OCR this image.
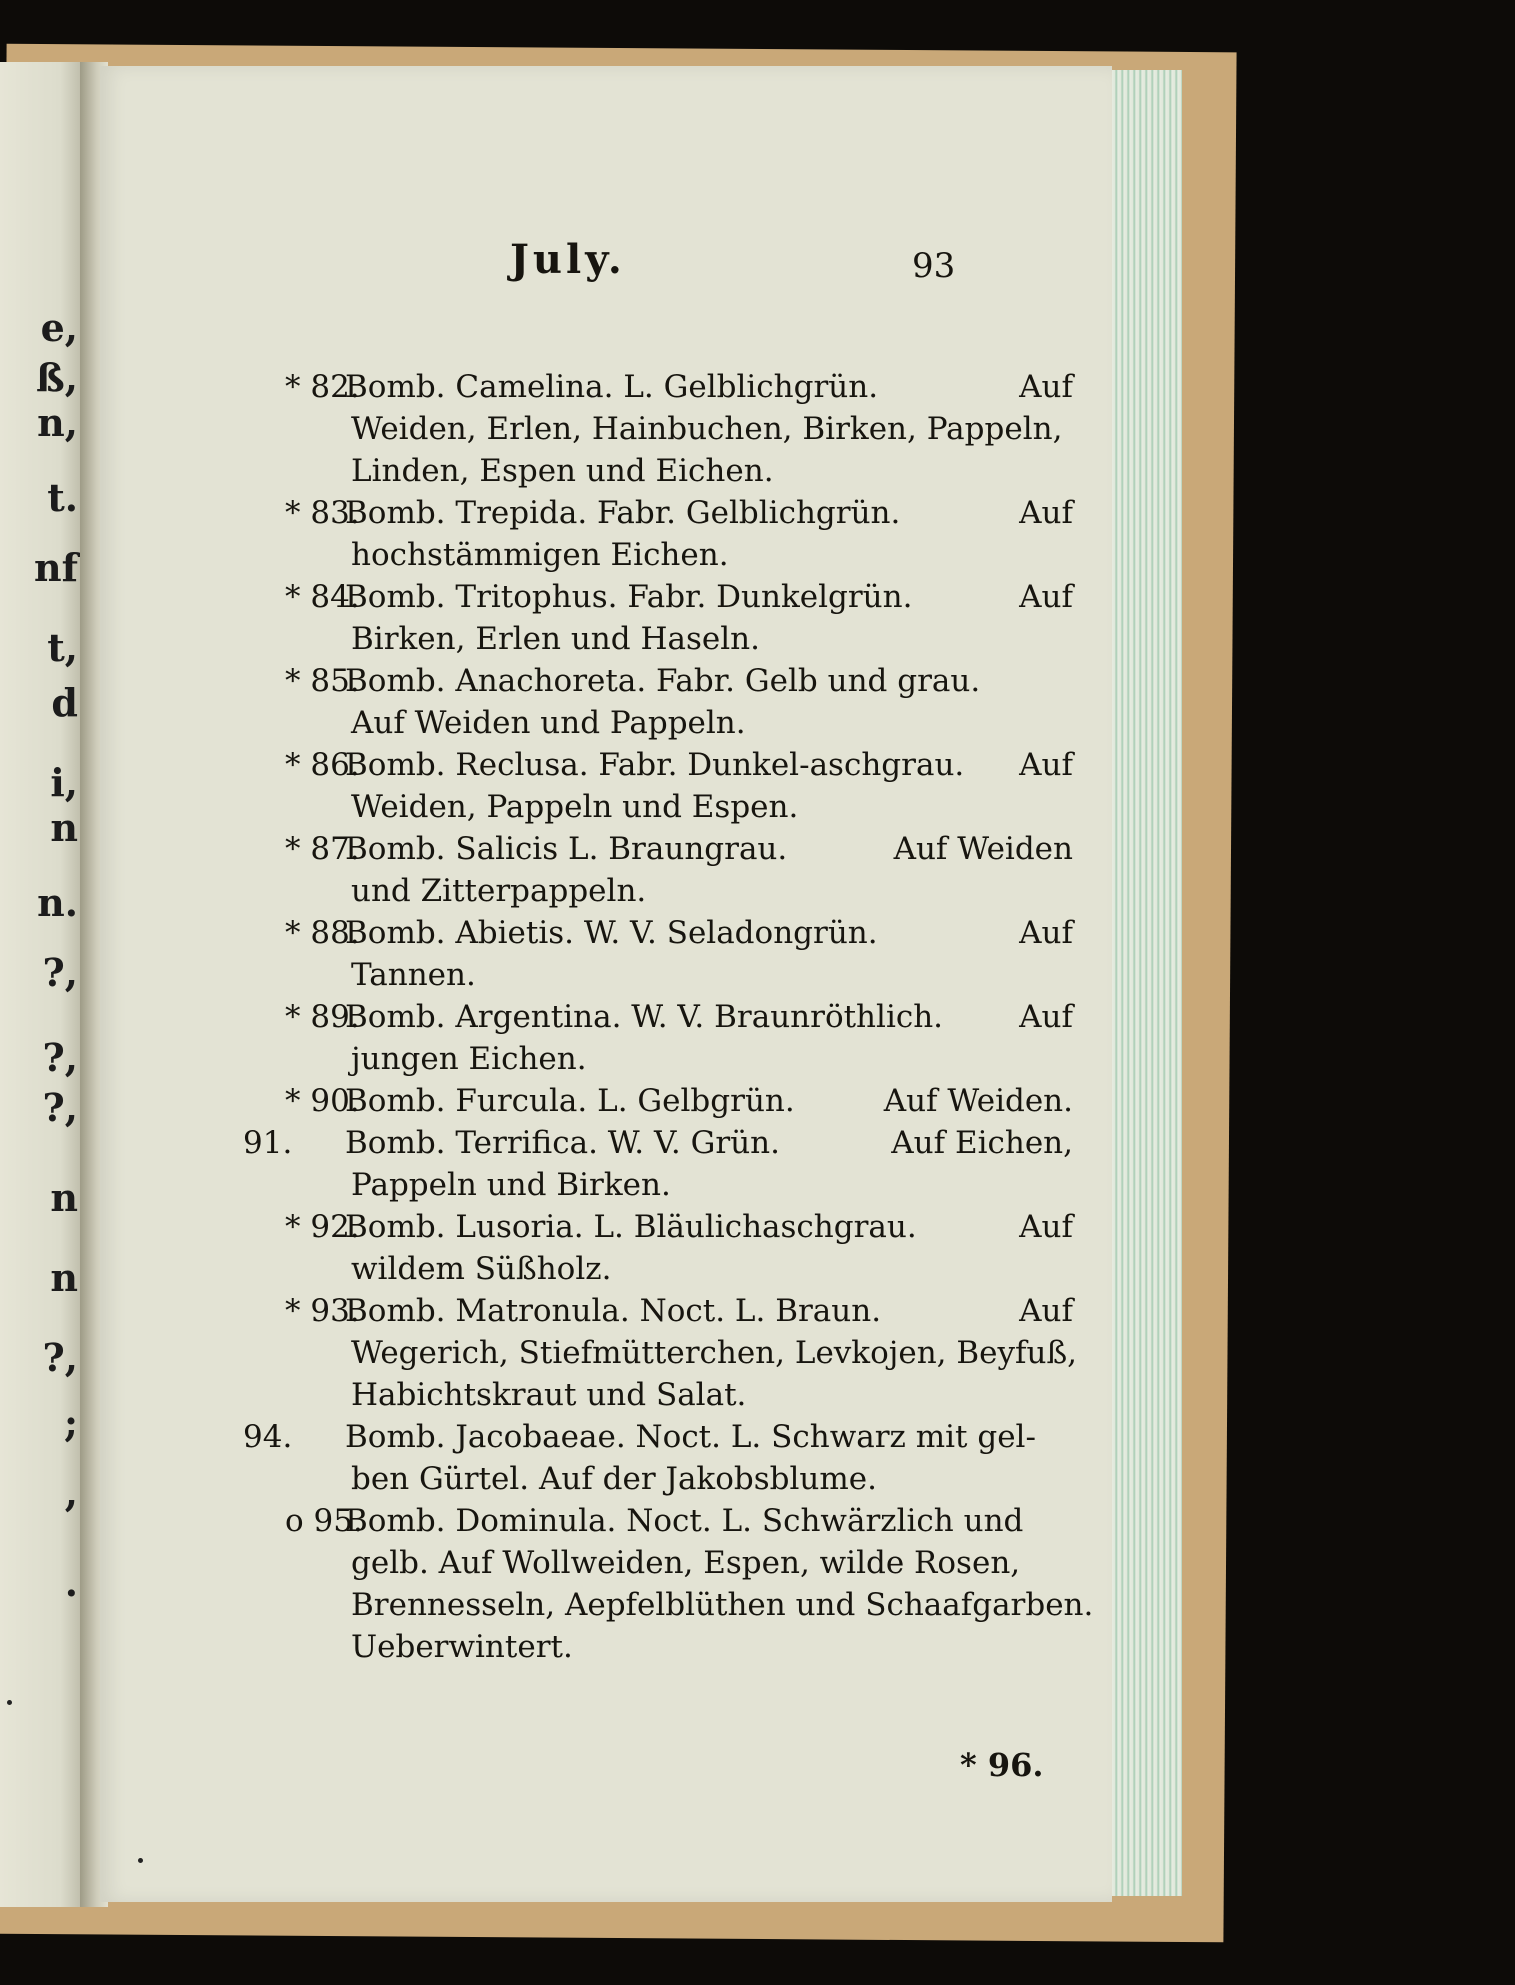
e,
ß,
n,
t.
nf
t,
d
i,
n
n.
?,
?,
?,
n
n
?,
;
,
.
July.	93
* 82.Bomb. Camelina. L. Gelblichgrün.	Auf
Weiden, Erlen, Hainbuchen, Birken, Pappeln,
Linden, Espen und Eichen.
* 83.Bomb. Trepida. Fabr. Gelblichgrün.	Auf
hochstämmigen Eichen.
* 84.Bomb. Tritophus. Fabr. Dunkelgrün.	Auf
Birken, Erlen und Haseln.
* 85.Bomb. Anachoreta. Fabr. Gelb und grau.
Auf Weiden und Pappeln.
* 86.Bomb. Reclusa. Fabr. Dunkel-aschgrau. Auf
Weiden, Pappeln und Espen.
* 87.Bomb. Salicis L. Braungrau.	Auf Weiden
und Zitterpappeln.
* 88.Bomb. Abietis. W. V. Seladongrün.	Auf
Tannen.
* 89.Bomb. Argentina. W. V. Braunröthlich. Auf
jungen Eichen.
* 90.Bomb. Furcula. L. Gelbgrün.	Auf Weiden.
91. Bomb. Terrifica. W. V. Grün.	Auf Eichen,
Pappeln und Birken.
* 92.Bomb. Lusoria. L. Bläulichaschgrau.	Auf
wildem Süßholz.
* 93.Bomb. Matronula. Noct. L. Braun.	Auf
Wegerich, Stiefmütterchen, Levkojen, Beyfuß,
Habichtskraut und Salat.
94. Bomb. Jacobaeae. Noct. L. Schwarz mit gel-
ben Gürtel. Auf der Jakobsblume.
o 95.Bomb. Dominula. Noct. L. Schwärzlich und
gelb. Auf Wollweiden, Espen, wilde Rosen,
Brennesseln, Aepfelblüthen und Schaafgarben.
Ueberwintert.
* 96.
